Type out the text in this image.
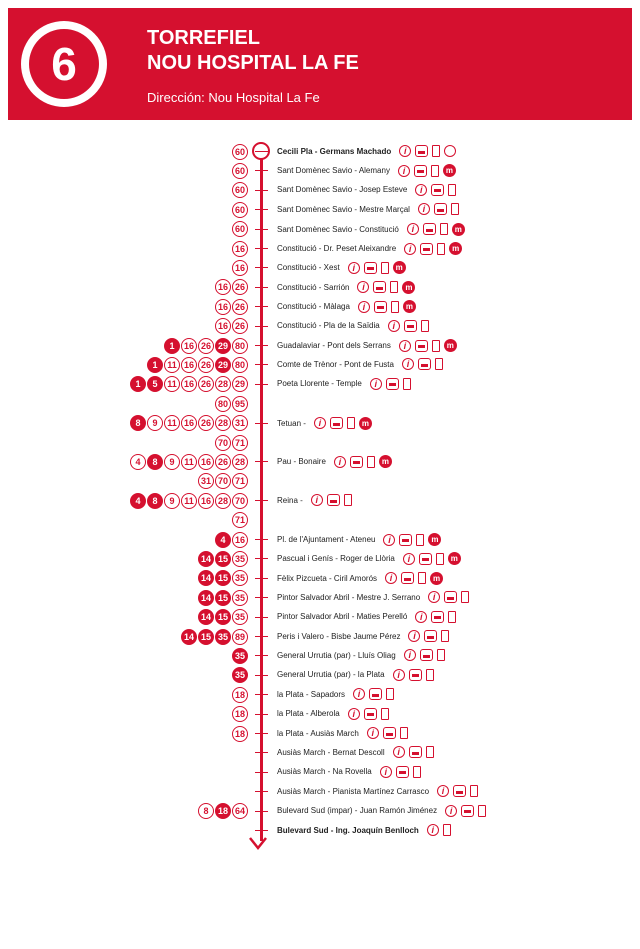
6	TORREFIEL
NOU HOSPITAL LA FE
Dirección: Nou Hospital La Fe
60	Cecili Pla - Germans Machado	i
60	Sant Domènec Savio - Alemany	i	m
60	Sant Domènec Savio - Josep Esteve	i
60	Sant Domènec Savio - Mestre Marçal	i
60	Sant Domènec Savio - Constitució	i	m
16	Constitució - Dr. Peset Aleixandre	i	m
16	Constitució - Xest	i	m
16 26	Constitució - Sarrión	i	m
16 26	Constitució - Màlaga	i	m
16 26	Constitució - Pla de la Saïdia	i
1	16 26 29 80	Guadalaviar - Pont dels Serrans	i	m
1	11 16 26 29 80	Comte de Trènor - Pont de Fusta	i
1	5	11 16 26 28 29	Poeta Llorente - Temple	i
80 95
8	9	11 16 26 28 31	Tetuan -	i	m
70 71
4	8	9	11 16 26 28	Pau - Bonaire	i	m
31 70 71
4	8	9	11 16 28 70	Reina -	i
71
4	16	Pl. de l'Ajuntament - Ateneu	i	m
14 15 35	Pascual i Genís - Roger de Llòria	i	m
14 15 35	Fèlix Pizcueta - Ciril Amorós	i	m
14 15 35	Pintor Salvador Abril - Mestre J. Serrano	i
14 15 35	Pintor Salvador Abril - Maties Perelló	i
14 15 35 89	Peris i Valero - Bisbe Jaume Pérez	i
35	General Urrutia (par) - Lluís Oliag	i
35	General Urrutia (par) - la Plata	i
18	la Plata - Sapadors	i
18	la Plata - Alberola	i
18	la Plata - Ausiàs March	i
Ausiàs March - Bernat Descoll	i
Ausiàs March - Na Rovella	i
Ausiàs March - Pianista Martínez Carrasco	i
8	18 64	Bulevard Sud (impar) - Juan Ramón Jiménez	i
Bulevard Sud - Ing. Joaquín Benlloch	i
